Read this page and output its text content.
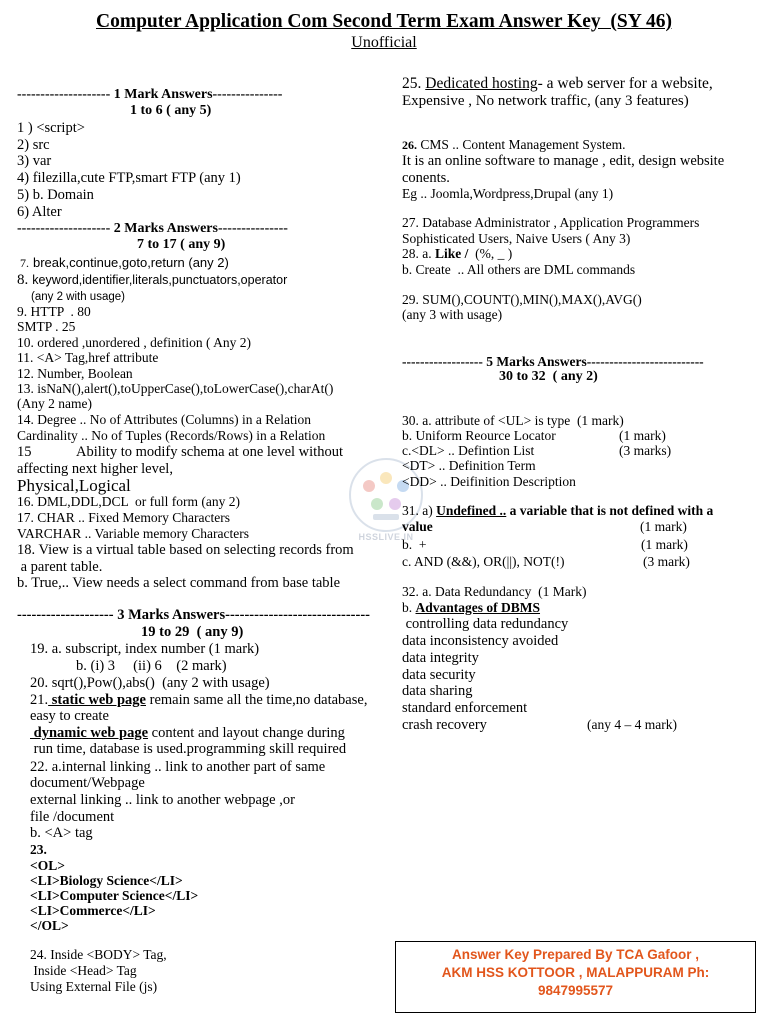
Computer Application Com Second Term Exam Answer Key  (SY 46)
Unofficial
HSSLIVE.IN
-------------------- 1 Mark Answers---------------
1 to 6 ( any 5)
1 ) <script>
2) src
3) var
4) filezilla,cute FTP,smart FTP (any 1)
5) b. Domain
6) Alter
-------------------- 2 Marks Answers---------------
7 to 17 ( any 9)
7. break,continue,goto,return (any 2)
8. keyword,identifier,literals,punctuators,operator
(any 2 with usage)
9. HTTP  . 80
SMTP . 25
10. ordered ,unordered , definition ( Any 2)
11. <A> Tag,href attribute
12. Number, Boolean
13. isNaN(),alert(),toUpperCase(),toLowerCase(),charAt()
(Any 2 name)
14. Degree .. No of Attributes (Columns) in a Relation
Cardinality .. No of Tuples (Records/Rows) in a Relation
15	Ability to modify schema at one level without
affecting next higher level,
Physical,Logical
16. DML,DDL,DCL  or full form (any 2)
17. CHAR .. Fixed Memory Characters
VARCHAR .. Variable memory Characters
18. View is a virtual table based on selecting records from
a parent table.
b. True,.. View needs a select command from base table
-------------------- 3 Marks Answers------------------------------
19 to 29  ( any 9)
19. a. subscript, index number (1 mark)
b. (i) 3     (ii) 6    (2 mark)
20. sqrt(),Pow(),abs()  (any 2 with usage)
21. static web page remain same all the time,no database,
easy to create
dynamic web page content and layout change during
run time, database is used.programming skill required
22. a.internal linking .. link to another part of same
document/Webpage
external linking .. link to another webpage ,or
file /document
b. <A> tag
23.
<OL>
<LI>Biology Science</LI>
<LI>Computer Science</LI>
<LI>Commerce</LI>
</OL>
24. Inside <BODY> Tag,
Inside <Head> Tag
Using External File (js)
25. Dedicated hosting- a web server for a website,
Expensive , No network traffic, (any 3 features)
26. CMS .. Content Management System.
It is an online software to manage , edit, design website
conents.
Eg .. Joomla,Wordpress,Drupal (any 1)
27. Database Administrator , Application Programmers
Sophisticated Users, Naive Users ( Any 3)
28. a. Like /  (%, _ )
b. Create  .. All others are DML commands
29. SUM(),COUNT(),MIN(),MAX(),AVG()
(any 3 with usage)
------------------ 5 Marks Answers--------------------------
30 to 32  ( any 2)
30. a. attribute of <UL> is type  (1 mark)
b. Uniform Reource Locator	(1 mark)
c.<DL> .. Defintion List	(3 marks)
<DT> .. Definition Term
<DD> .. Deifinition Description
31. a) Undefined .. a variable that is not defined with a
value	(1 mark)
b.  +	(1 mark)
c. AND (&&), OR(||), NOT(!)	(3 mark)
32. a. Data Redundancy  (1 Mark)
b. Advantages of DBMS
controlling data redundancy
data inconsistency avoided
data integrity
data security
data sharing
standard enforcement
crash recovery	(any 4 – 4 mark)
Answer Key Prepared By TCA Gafoor ,
AKM HSS KOTTOOR , MALAPPURAM Ph:
9847995577
